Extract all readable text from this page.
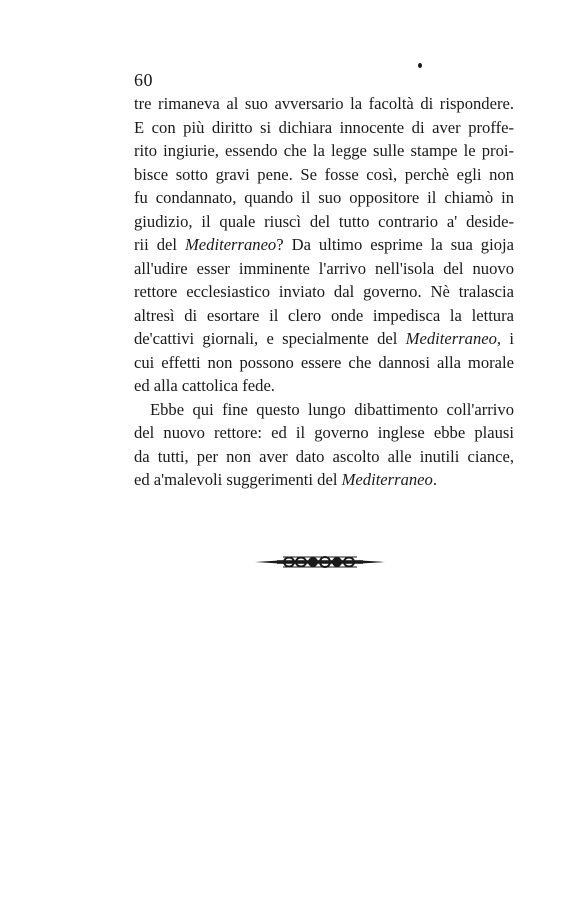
60
tre rimaneva al suo avversario la facoltà di rispondere.
E con più diritto si dichiara innocente di aver proffe-
rito ingiurie, essendo che la legge sulle stampe le proi-
bisce sotto gravi pene. Se fosse così, perchè egli non
fu condannato, quando il suo oppositore il chiamò in
giudizio, il quale riuscì del tutto contrario a' deside-
rii del Mediterraneo? Da ultimo esprime la sua gioja
all'udire esser imminente l'arrivo nell'isola del nuovo
rettore ecclesiastico inviato dal governo. Nè tralascia
altresì di esortare il clero onde impedisca la lettura
de'cattivi giornali, e specialmente del Mediterraneo, i
cui effetti non possono essere che dannosi alla morale
ed alla cattolica fede.
Ebbe qui fine questo lungo dibattimento coll'arrivo
del nuovo rettore: ed il governo inglese ebbe plausi
da tutti, per non aver dato ascolto alle inutili ciance,
ed a'malevoli suggerimenti del Mediterraneo.
